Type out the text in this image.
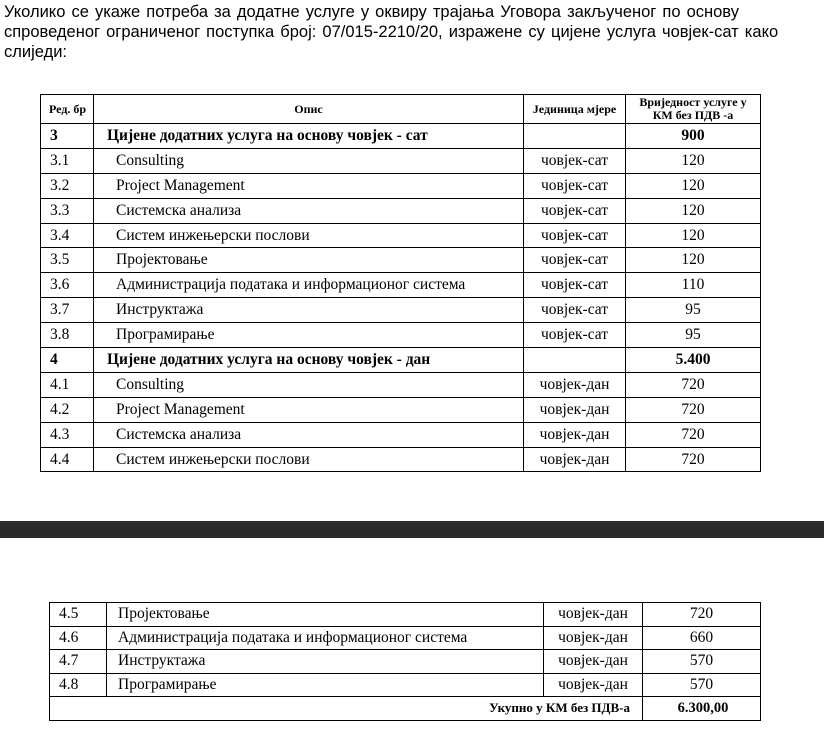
Уколико се укаже потреба за додатне услуге у оквиру трајања Уговора закљученог по основу
спроведеног ограниченог поступка број: 07/015-2210/20, изражене су цијене услуга човјек-сат како
слиједи:
Ред. бр	Опис	Јединица мјере	Вриједност услуге у КМ без ПДВ -а
3	Цијене додатних услуга на основу човјек - сат		900
3.1	Consulting	човјек-сат	120
3.2	Project Management	човјек-сат	120
3.3	Системска анализа	човјек-сат	120
3.4	Систем инжењерски послови	човјек-сат	120
3.5	Пројектовање	човјек-сат	120
3.6	Администрација података и информационог система	човјек-сат	110
3.7	Инструктажа	човјек-сат	95
3.8	Програмирање	човјек-сат	95
4	Цијене додатних услуга на основу човјек - дан		5.400
4.1	Consulting	човјек-дан	720
4.2	Project Management	човјек-дан	720
4.3	Системска анализа	човјек-дан	720
4.4	Систем инжењерски послови	човјек-дан	720
4.5	Пројектовање	човјек-дан	720
4.6	Администрација података и информационог система	човјек-дан	660
4.7	Инструктажа	човјек-дан	570
4.8	Програмирање	човјек-дан	570
Укупно у КМ без ПДВ-а			6.300,00
